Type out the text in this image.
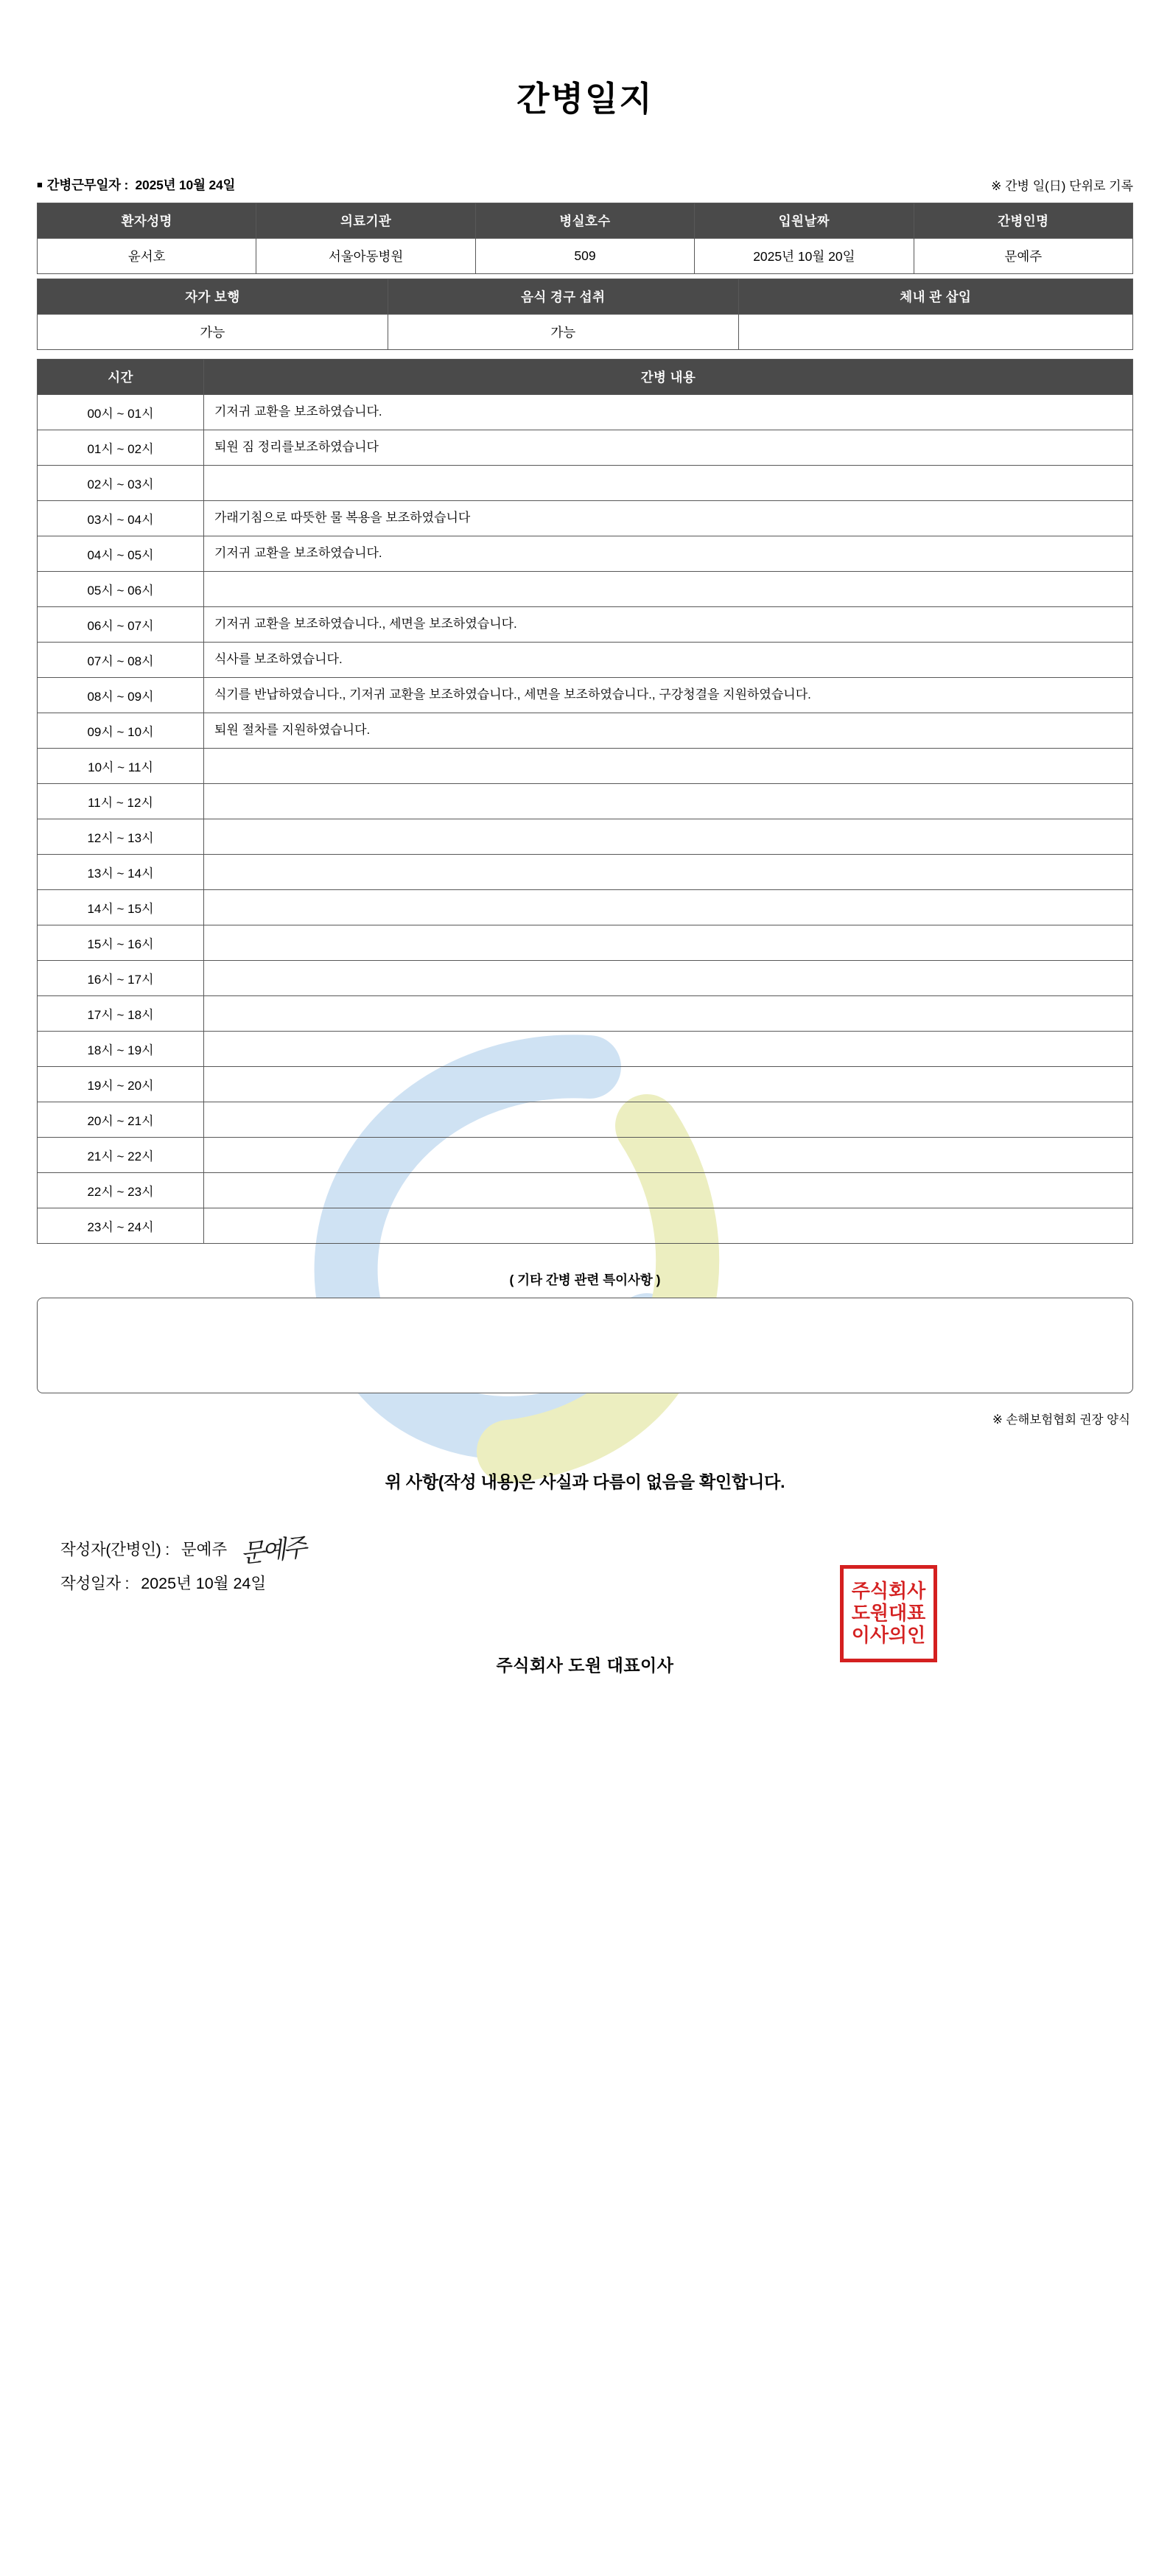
간병일지
■ 간병근무일자 : 2025년 10월 24일	※ 간병 일(日) 단위로 기록
환자성명	의료기관	병실호수	입원날짜	간병인명
윤서호	서울아동병원	509	2025년 10월 20일	문예주
자가 보행	음식 경구 섭취	체내 관 삽입
가능	가능	
시간	간병 내용
00시 ~ 01시	기저귀 교환을 보조하였습니다.
01시 ~ 02시	퇴원 짐 정리를보조하였습니다
02시 ~ 03시	
03시 ~ 04시	가래기침으로 따뜻한 물 복용을 보조하였습니다
04시 ~ 05시	기저귀 교환을 보조하였습니다.
05시 ~ 06시	
06시 ~ 07시	기저귀 교환을 보조하였습니다., 세면을 보조하였습니다.
07시 ~ 08시	식사를 보조하였습니다.
08시 ~ 09시	식기를 반납하였습니다., 기저귀 교환을 보조하였습니다., 세면을 보조하였습니다., 구강청결을 지원하였습니다.
09시 ~ 10시	퇴원 절차를 지원하였습니다.
10시 ~ 11시	
11시 ~ 12시	
12시 ~ 13시	
13시 ~ 14시	
14시 ~ 15시	
15시 ~ 16시	
16시 ~ 17시	
17시 ~ 18시	
18시 ~ 19시	
19시 ~ 20시	
20시 ~ 21시	
21시 ~ 22시	
22시 ~ 23시	
23시 ~ 24시	
( 기타 간병 관련 특이사항 )
※ 손해보험협회 권장 양식
위 사항(작성 내용)은 사실과 다름이 없음을 확인합니다.
작성자(간병인) : 문예주 문예주
작성일자 : 2025년 10월 24일
주식회사 도원 대표이사
주식회사 도원대표 이사의인
